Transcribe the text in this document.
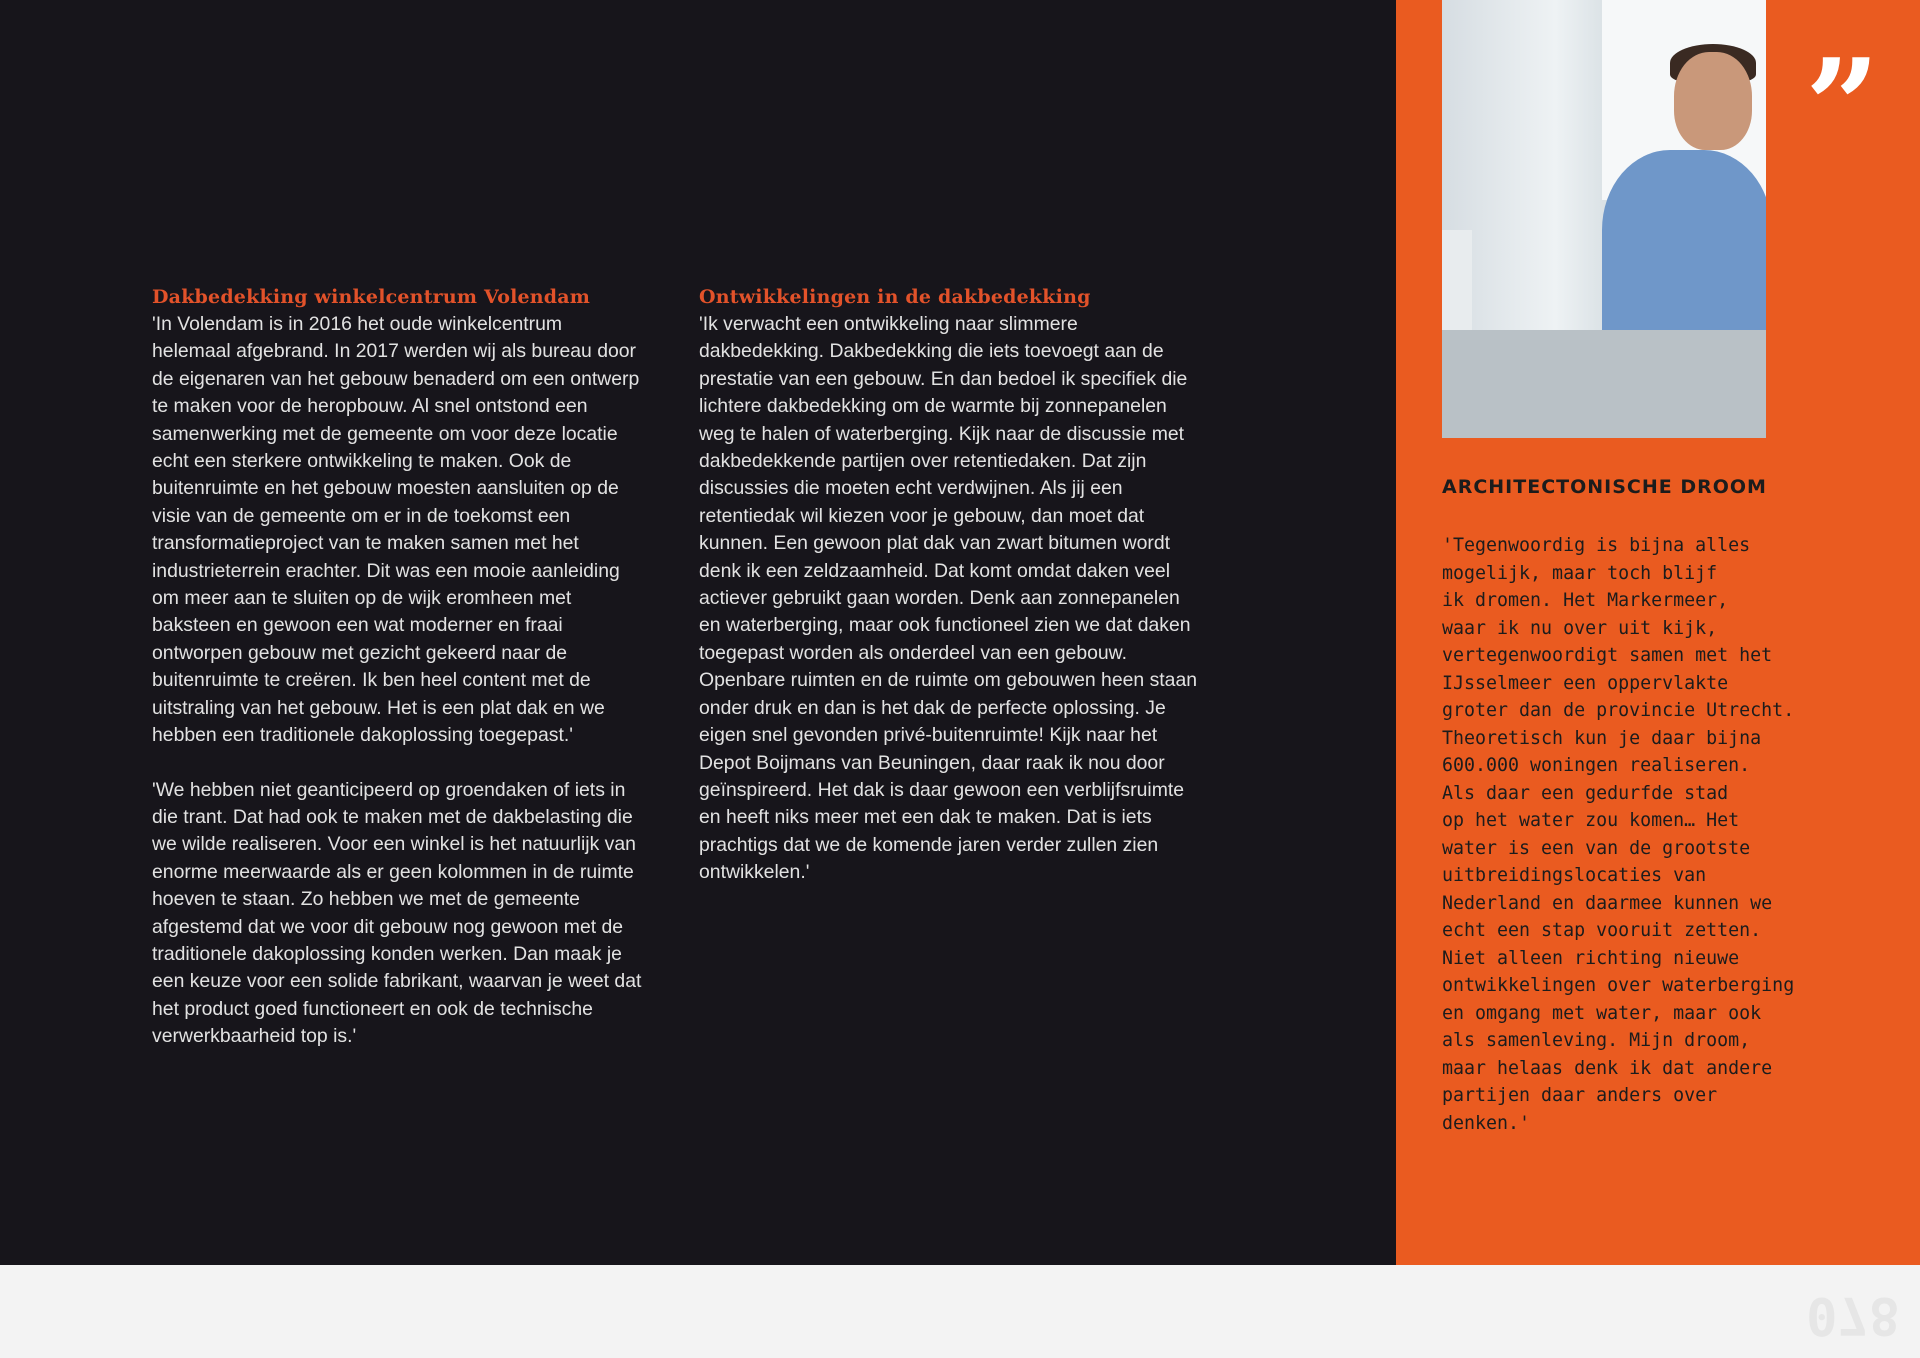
078
Dakbedekking winkelcentrum Volendam

'In Volendam is in 2016 het oude winkelcentrum helemaal afgebrand. In 2017 werden wij als bureau door de eigenaren van het gebouw benaderd om een ontwerp te maken voor de heropbouw. Al snel ontstond een samenwerking met de gemeente om voor deze locatie echt een sterkere ontwikkeling te maken. Ook de buitenruimte en het gebouw moesten aansluiten op de visie van de gemeente om er in de toekomst een transformatieproject van te maken samen met het industrieterrein erachter. Dit was een mooie aanleiding om meer aan te sluiten op de wijk eromheen met baksteen en gewoon een wat moderner en fraai ontworpen gebouw met gezicht gekeerd naar de buitenruimte te creëren. Ik ben heel content met de uitstraling van het gebouw. Het is een plat dak en we hebben een traditionele dakoplossing toegepast.'

'We hebben niet geanticipeerd op groendaken of iets in die trant. Dat had ook te maken met de dakbelasting die we wilde realiseren. Voor een winkel is het natuurlijk van enorme meerwaarde als er geen kolommen in de ruimte hoeven te staan. Zo hebben we met de gemeente afgestemd dat we voor dit gebouw nog gewoon met de traditionele dakoplossing konden werken. Dan maak je een keuze voor een solide fabrikant, waarvan je weet dat het product goed functioneert en ook de technische verwerkbaarheid top is.'

Ontwikkelingen in de dakbedekking

'Ik verwacht een ontwikkeling naar slimmere dakbedekking. Dakbedekking die iets toevoegt aan de prestatie van een gebouw. En dan bedoel ik specifiek die lichtere dakbedekking om de warmte bij zonnepanelen weg te halen of waterberging. Kijk naar de discussie met dakbedekkende partijen over retentiedaken. Dat zijn discussies die moeten echt verdwijnen. Als jij een retentiedak wil kiezen voor je gebouw, dan moet dat kunnen. Een gewoon plat dak van zwart bitumen wordt denk ik een zeldzaamheid. Dat komt omdat daken veel actiever gebruikt gaan worden. Denk aan zonnepanelen en waterberging, maar ook functioneel zien we dat daken toegepast worden als onderdeel van een gebouw. Openbare ruimten en de ruimte om gebouwen heen staan onder druk en dan is het dak de perfecte oplossing. Je eigen snel gevonden privé-buitenruimte! Kijk naar het Depot Boijmans van Beuningen, daar raak ik nou door geïnspireerd. Het dak is daar gewoon een verblijfsruimte en heeft niks meer met een dak te maken. Dat is iets prachtigs dat we de komende jaren verder zullen zien ontwikkelen.'

”
ARCHITECTONISCHE DROOM

'Tegenwoordig is bijna alles
mogelijk, maar toch blijf
ik dromen. Het Markermeer,
waar ik nu over uit kijk,
vertegenwoordigt samen met het
IJsselmeer een oppervlakte
groter dan de provincie Utrecht.
Theoretisch kun je daar bijna
600.000 woningen realiseren.
Als daar een gedurfde stad
op het water zou komen… Het
water is een van de grootste
uitbreidingslocaties van
Nederland en daarmee kunnen we
echt een stap vooruit zetten.
Niet alleen richting nieuwe
ontwikkelingen over waterberging
en omgang met water, maar ook
als samenleving. Mijn droom,
maar helaas denk ik dat andere
partijen daar anders over
denken.'
